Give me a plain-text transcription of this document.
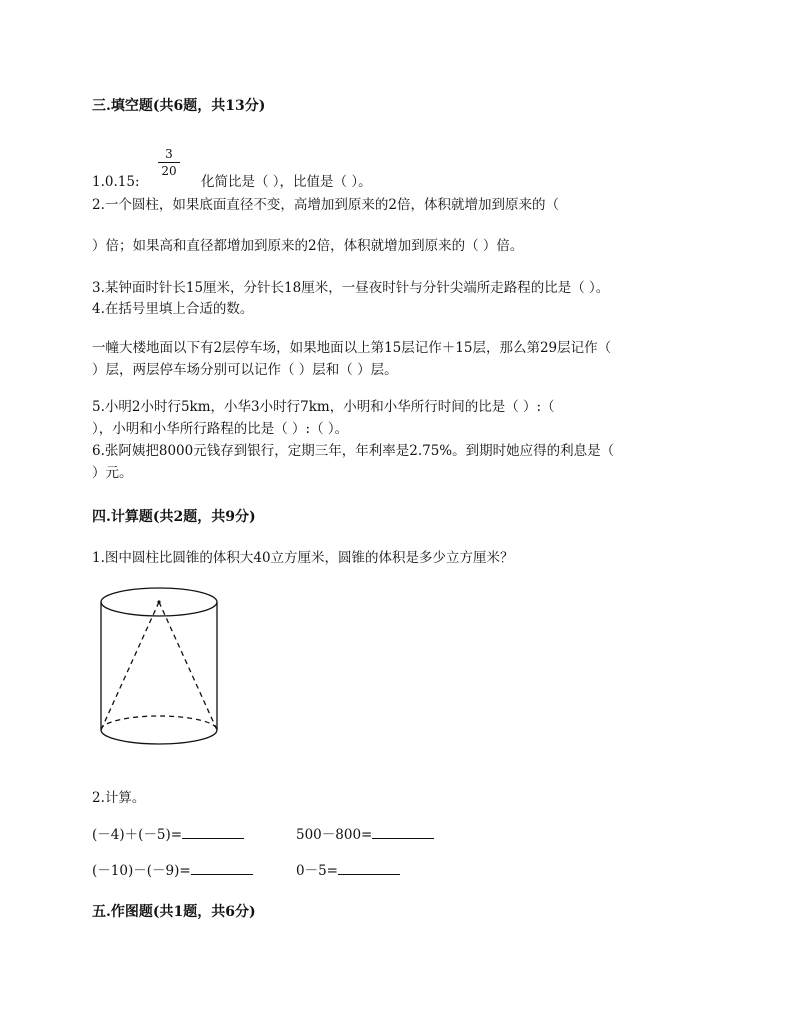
三.填空题(共6题，共13分)
3
20
1.0.15:	化简比是（ ），比值是（ ）。
2.一个圆柱，如果底面直径不变，高增加到原来的2倍，体积就增加到原来的（
）倍；如果高和直径都增加到原来的2倍，体积就增加到原来的（ ）倍。
3.某钟面时针长15厘米，分针长18厘米，一昼夜时针与分针尖端所走路程的比是（ ）。
4.在括号里填上合适的数。
一幢大楼地面以下有2层停车场，如果地面以上第15层记作＋15层，那么第29层记作（
）层，两层停车场分别可以记作（ ）层和（ ）层。
5.小明2小时行5km，小华3小时行7km，小明和小华所行时间的比是（ ）:（
），小明和小华所行路程的比是（ ）:（ ）。
6.张阿姨把8000元钱存到银行，定期三年，年利率是2.75%。到期时她应得的利息是（
）元。
四.计算题(共2题，共9分)
1.图中圆柱比圆锥的体积大40立方厘米，圆锥的体积是多少立方厘米？
2.计算。
(－4)＋(－5)=	500－800=
(－10)－(－9)=	0－5=
五.作图题(共1题，共6分)
